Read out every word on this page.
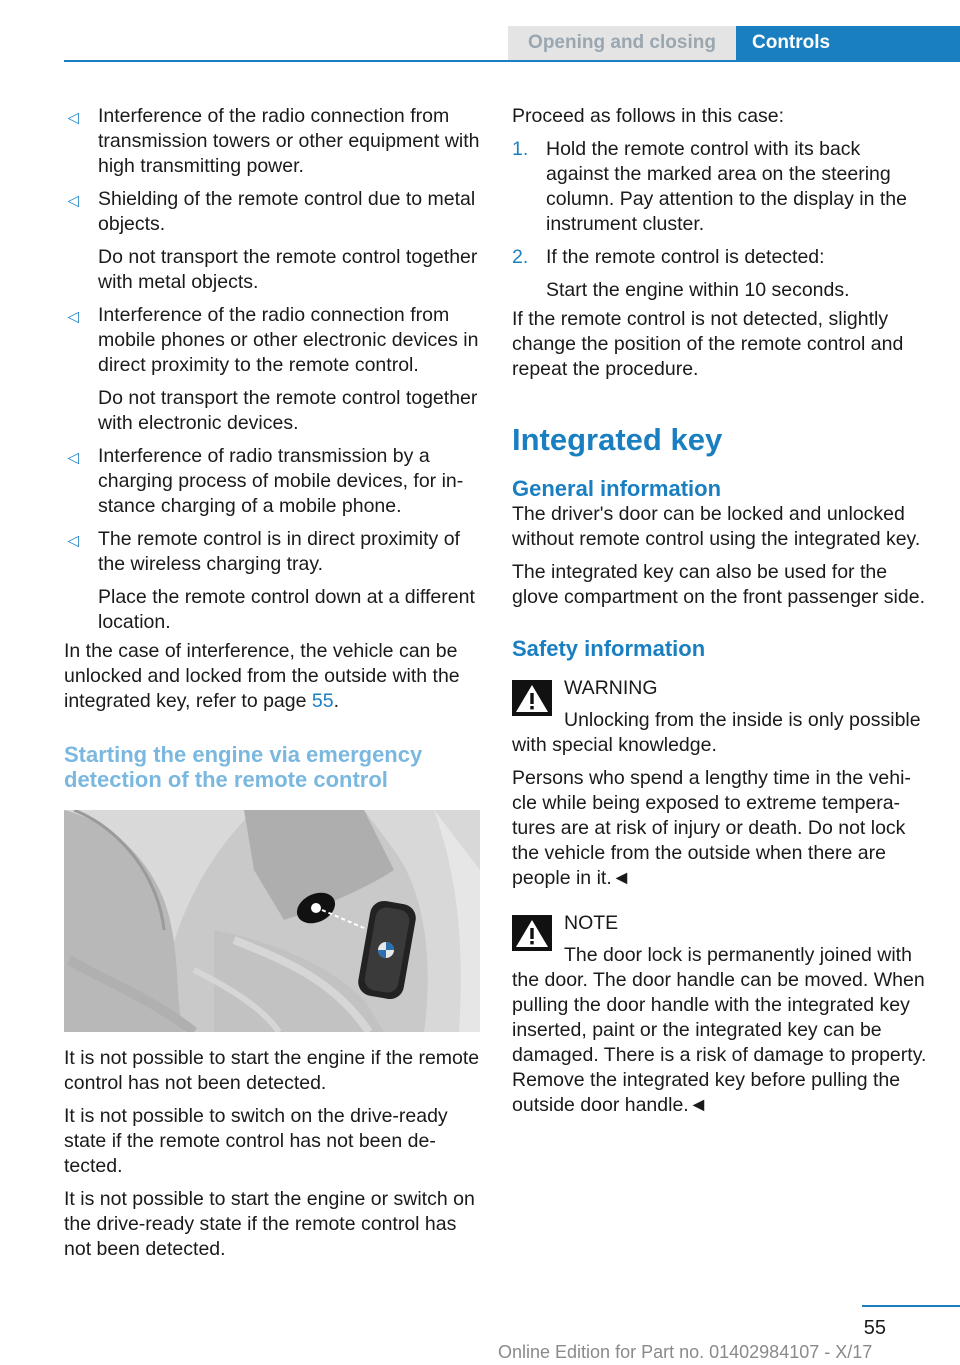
Opening and closing	Controls
▽ Interference of the radio connection from transmission towers or other equipment with high transmitting power.
▽ Shielding of the remote control due to metal objects.
Do not transport the remote control together with metal objects.
▽ Interference of the radio connection from mobile phones or other electronic devices in direct proximity to the remote control.
Do not transport the remote control together with electronic devices.
▽ Interference of radio transmission by a charging process of mobile devices, for instance charging of a mobile phone.
▽ The remote control is in direct proximity of the wireless charging tray.
Place the remote control down at a different location.

In the case of interference, the vehicle can be unlocked and locked from the outside with the integrated key, refer to page 55.

Starting the engine via emergency detection of the remote control

It is not possible to start the engine if the remote control has not been detected.

It is not possible to switch on the drive-ready state if the remote control has not been detected.

It is not possible to start the engine or switch on the drive-ready state if the remote control has not been detected.

Proceed as follows in this case:

1. Hold the remote control with its back against the marked area on the steering column. Pay attention to the display in the instrument cluster.
2. If the remote control is detected:
Start the engine within 10 seconds.

If the remote control is not detected, slightly change the position of the remote control and repeat the procedure.

Integrated key
General information

The driver's door can be locked and unlocked without remote control using the integrated key.

The integrated key can also be used for the glove compartment on the front passenger side.

Safety information
WARNING
Unlocking from the inside is only possible with special knowledge.

Persons who spend a lengthy time in the vehicle while being exposed to extreme temperatures are at risk of injury or death. Do not lock the vehicle from the outside when there are people in it.◄

NOTE
The door lock is permanently joined with the door. The door handle can be moved. When pulling the door handle with the integrated key inserted, paint or the integrated key can be damaged. There is a risk of damage to property. Remove the integrated key before pulling the outside door handle.◄
55
Online Edition for Part no. 01402984107 - X/17
